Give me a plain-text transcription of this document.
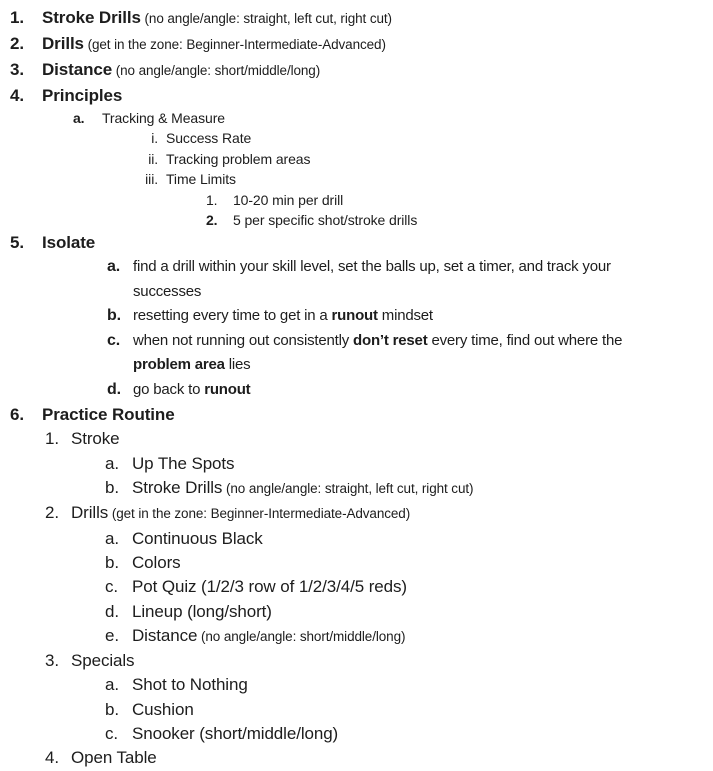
1. Stroke Drills (no angle/angle: straight, left cut, right cut)
2. Drills (get in the zone: Beginner-Intermediate-Advanced)
3. Distance (no angle/angle: short/middle/long)
4. Principles
a. Tracking & Measure
i. Success Rate
ii. Tracking problem areas
iii. Time Limits
1. 10-20 min per drill
2. 5 per specific shot/stroke drills
5. Isolate
a. find a drill within your skill level, set the balls up, set a timer, and track your
successes
b. resetting every time to get in a runout mindset
c. when not running out consistently don’t reset every time, find out where the
problem area lies
d. go back to runout
6. Practice Routine
1. Stroke
a. Up The Spots
b. Stroke Drills (no angle/angle: straight, left cut, right cut)
2. Drills (get in the zone: Beginner-Intermediate-Advanced)
a. Continuous Black
b. Colors
c. Pot Quiz (1/2/3 row of 1/2/3/4/5 reds)
d. Lineup (long/short)
e. Distance (no angle/angle: short/middle/long)
3. Specials
a. Shot to Nothing
b. Cushion
c. Snooker (short/middle/long)
4. Open Table
